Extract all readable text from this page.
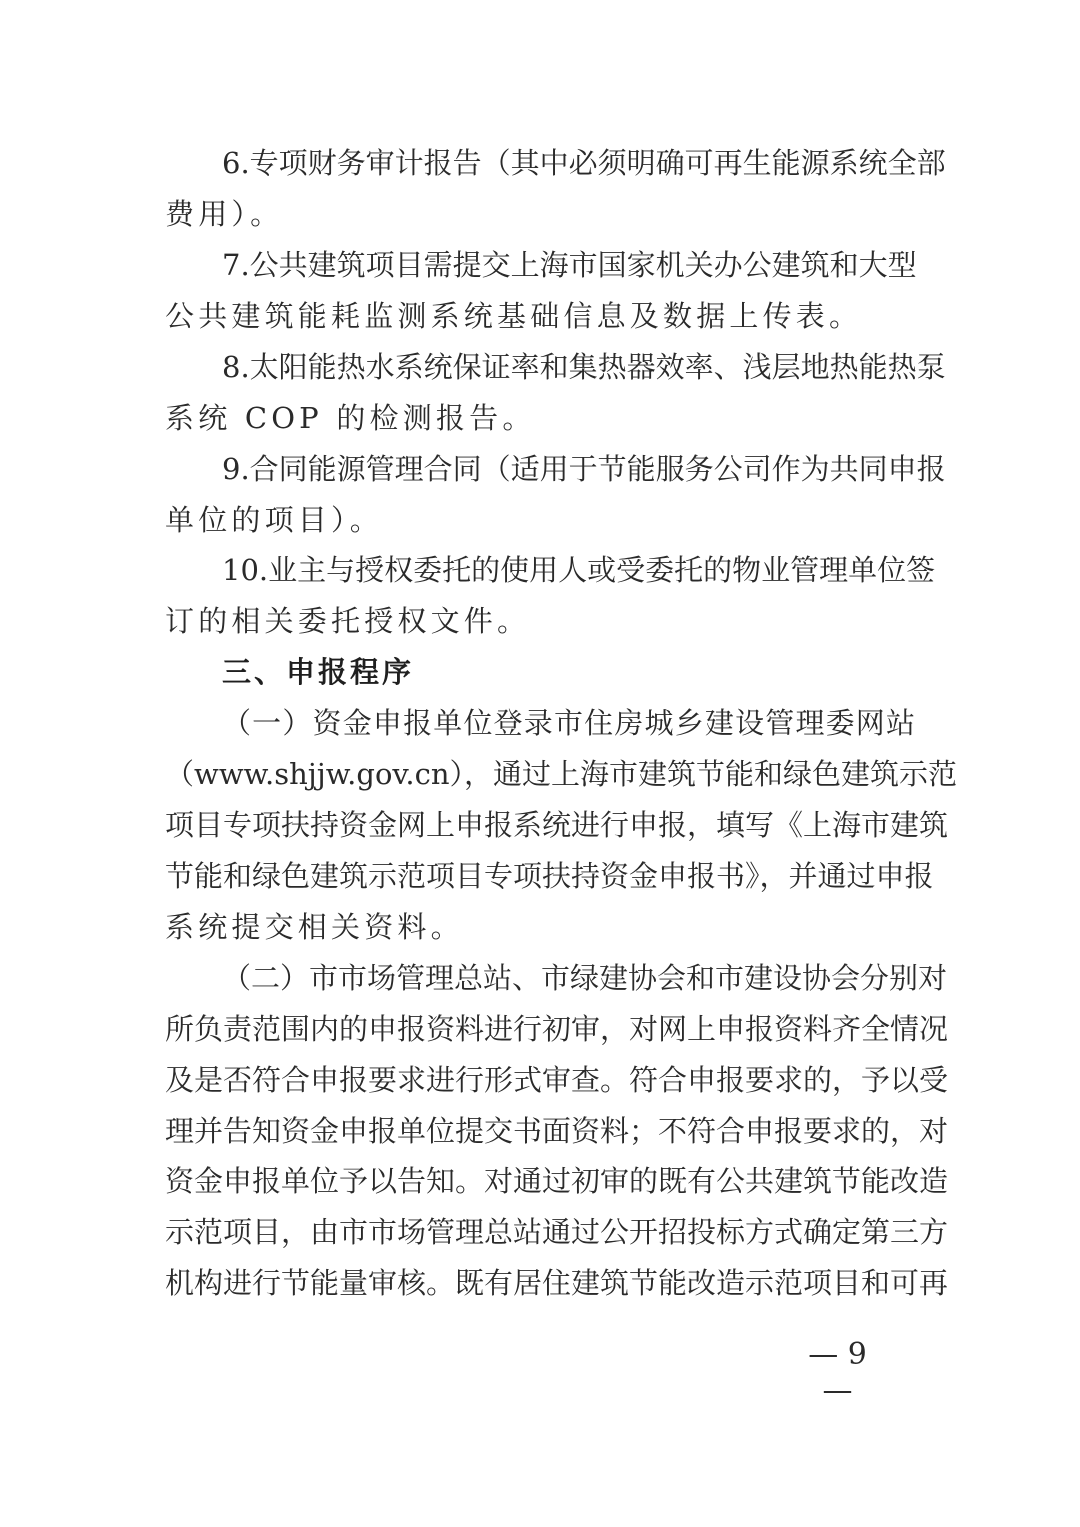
6.专项财务审计报告（其中必须明确可再生能源系统全部
费用）。
7.公共建筑项目需提交上海市国家机关办公建筑和大型
公共建筑能耗监测系统基础信息及数据上传表。
8.太阳能热水系统保证率和集热器效率、浅层地热能热泵
系统 COP 的检测报告。
9.合同能源管理合同（适用于节能服务公司作为共同申报
单位的项目）。
10.业主与授权委托的使用人或受委托的物业管理单位签
订的相关委托授权文件。
三、申报程序
（一）资金申报单位登录市住房城乡建设管理委网站
（www.shjjw.gov.cn），通过上海市建筑节能和绿色建筑示范
项目专项扶持资金网上申报系统进行申报，填写《上海市建筑
节能和绿色建筑示范项目专项扶持资金申报书》，并通过申报
系统提交相关资料。
（二）市市场管理总站、市绿建协会和市建设协会分别对
所负责范围内的申报资料进行初审，对网上申报资料齐全情况
及是否符合申报要求进行形式审查。符合申报要求的，予以受
理并告知资金申报单位提交书面资料；不符合申报要求的，对
资金申报单位予以告知。对通过初审的既有公共建筑节能改造
示范项目，由市市场管理总站通过公开招投标方式确定第三方
机构进行节能量审核。既有居住建筑节能改造示范项目和可再
— 9 —
